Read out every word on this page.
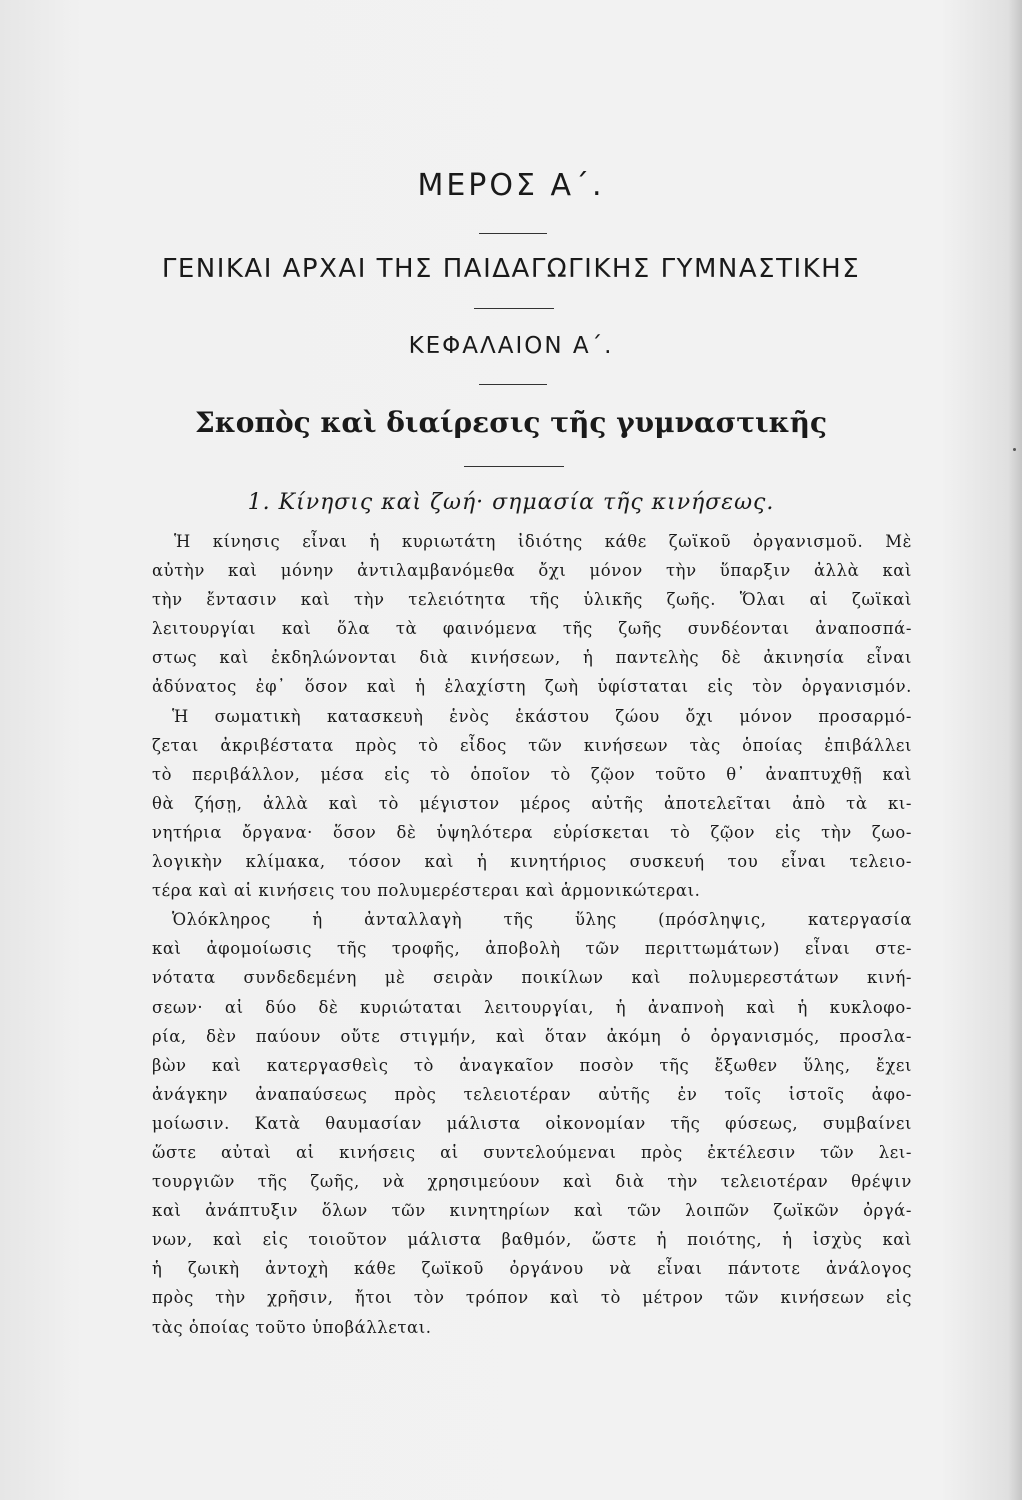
ΜΕΡΟΣ Α΄.
ΓΕΝΙΚΑΙ ΑΡΧΑΙ ΤΗΣ ΠΑΙΔΑΓΩΓΙΚΗΣ ΓΥΜΝΑΣΤΙΚΗΣ
ΚΕΦΑΛΑΙΟΝ Α΄.
Σκοπὸς καὶ διαίρεσις τῆς γυμναστικῆς
1. Κίνησις καὶ ζωή· σημασία τῆς κινήσεως.
Ἡ κίνησις εἶναι ἡ κυριωτάτη ἰδιότης κάθε ζωϊκοῦ ὀργανισμοῦ. Μὲ
αὐτὴν καὶ μόνην ἀντιλαμβανόμεθα ὄχι μόνον τὴν ὕπαρξιν ἀλλὰ καὶ
τὴν ἔντασιν καὶ τὴν τελειότητα τῆς ὑλικῆς ζωῆς. Ὅλαι αἱ ζωϊκαὶ
λειτουργίαι καὶ ὅλα τὰ φαινόμενα τῆς ζωῆς συνδέονται ἀναποσπά-
στως καὶ ἐκδηλώνονται διὰ κινήσεων, ἡ παντελὴς δὲ ἀκινησία εἶναι
ἀδύνατος ἐφ᾽ ὅσον καὶ ἡ ἐλαχίστη ζωὴ ὑφίσταται εἰς τὸν ὀργανισμόν.
Ἡ σωματικὴ κατασκευὴ ἑνὸς ἑκάστου ζώου ὄχι μόνον προσαρμό-
ζεται ἀκριβέστατα πρὸς τὸ εἶδος τῶν κινήσεων τὰς ὁποίας ἐπιβάλλει
τὸ περιβάλλον, μέσα εἰς τὸ ὁποῖον τὸ ζῷον τοῦτο θ᾽ ἀναπτυχθῇ καὶ
θὰ ζήσῃ, ἀλλὰ καὶ τὸ μέγιστον μέρος αὐτῆς ἀποτελεῖται ἀπὸ τὰ κι-
νητήρια ὄργανα· ὅσον δὲ ὑψηλότερα εὑρίσκεται τὸ ζῷον εἰς τὴν ζωο-
λογικὴν κλίμακα, τόσον καὶ ἡ κινητήριος συσκευή του εἶναι τελειο-
τέρα καὶ αἱ κινήσεις του πολυμερέστεραι καὶ ἁρμονικώτεραι.
Ὁλόκληρος ἡ ἀνταλλαγὴ τῆς ὕλης (πρόσληψις, κατεργασία
καὶ ἀφομοίωσις τῆς τροφῆς, ἀποβολὴ τῶν περιττωμάτων) εἶναι στε-
νότατα συνδεδεμένη μὲ σειρὰν ποικίλων καὶ πολυμερεστάτων κινή-
σεων· αἱ δύο δὲ κυριώταται λειτουργίαι, ἡ ἀναπνοὴ καὶ ἡ κυκλοφο-
ρία, δὲν παύουν οὔτε στιγμήν, καὶ ὅταν ἀκόμη ὁ ὀργανισμός, προσλα-
βὼν καὶ κατεργασθεὶς τὸ ἀναγκαῖον ποσὸν τῆς ἔξωθεν ὕλης, ἔχει
ἀνάγκην ἀναπαύσεως πρὸς τελειοτέραν αὐτῆς ἐν τοῖς ἱστοῖς ἀφο-
μοίωσιν. Κατὰ θαυμασίαν μάλιστα οἰκονομίαν τῆς φύσεως, συμβαίνει
ὥστε αὐταὶ αἱ κινήσεις αἱ συντελούμεναι πρὸς ἐκτέλεσιν τῶν λει-
τουργιῶν τῆς ζωῆς, νὰ χρησιμεύουν καὶ διὰ τὴν τελειοτέραν θρέψιν
καὶ ἀνάπτυξιν ὅλων τῶν κινητηρίων καὶ τῶν λοιπῶν ζωϊκῶν ὀργά-
νων, καὶ εἰς τοιοῦτον μάλιστα βαθμόν, ὥστε ἡ ποιότης, ἡ ἰσχὺς καὶ
ἡ ζωικὴ ἀντοχὴ κάθε ζωϊκοῦ ὀργάνου νὰ εἶναι πάντοτε ἀνάλογος
πρὸς τὴν χρῆσιν, ἤτοι τὸν τρόπον καὶ τὸ μέτρον τῶν κινήσεων εἰς
τὰς ὁποίας τοῦτο ὑποβάλλεται.
